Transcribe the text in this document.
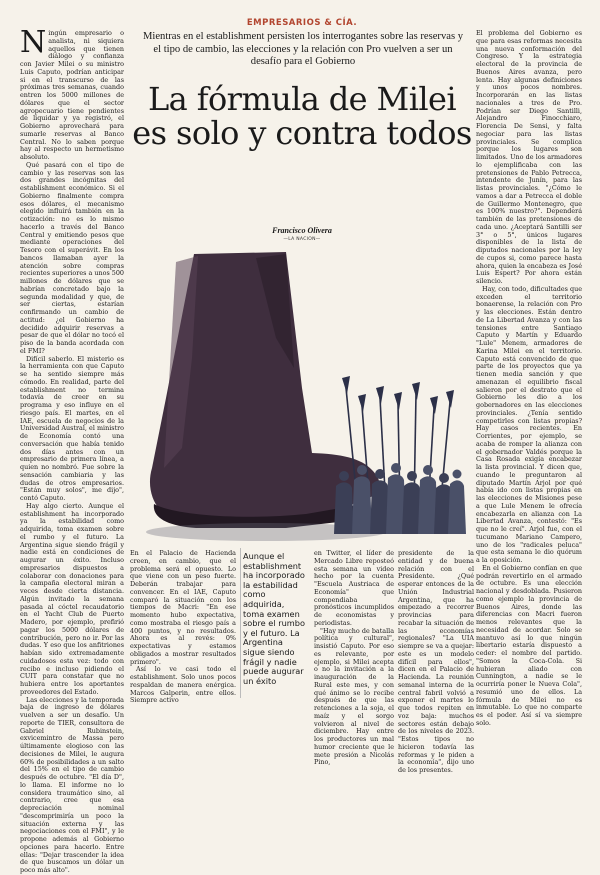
Ningún empresario o analista, ni siquiera aquellos que tienen diálogo y confianza con Javier Milei o su ministro Luis Caputo, podrían anticipar si en el transcurso de las próximas tres semanas, cuando entren los 5000 millones de dólares que el sector agropecuario tiene pendientes de liquidar y ya registró, el Gobierno aprovechará para sumarle reservas al Banco Central. No lo saben porque hay al respecto un hermetismo absoluto.

Qué pasará con el tipo de cambio y las reservas son las dos grandes incógnitas del establishment económico. Si el Gobierno finalmente compra esos dólares, el mecanismo elegido influirá también en la cotización: no es lo mismo hacerlo a través del Banco Central y emitiendo pesos que mediante operaciones del Tesoro con el superávit. En los bancos llamaban ayer la atención sobre compras recientes superiores a unos 500 millones de dólares que se habrían concretado bajo la segunda modalidad y que, de ser ciertas, estarían confirmando un cambio de actitud: ¿el Gobierno ha decidido adquirir reservas a pesar de que el dólar no tocó el piso de la banda acordada con el FMI?

Difícil saberlo. El misterio es la herramienta con que Caputo se ha sentido siempre más cómodo. En realidad, parte del establishment no termina todavía de creer en su programa y eso influye en el riesgo país. El martes, en el IAE, escuela de negocios de la Universidad Austral, el ministro de Economía contó una conversación que había tenido dos días antes con un empresario de primera línea, a quien no nombró. Fue sobre la sensación cambiaria y las dudas de otros empresarios. "Están muy solos", me dijo", contó Caputo.

Hay algo cierto. Aunque el establishment ha incorporado ya la estabilidad como adquirida, toma examen sobre el rumbo y el futuro. La Argentina sigue siendo frágil y nadie está en condiciones de augurar un éxito. Incluso empresarios dispuestos a colaborar con donaciones para la campaña electoral miran a veces desde cierta distancia. Algún invitado la semana pasada al cóctel recaudatorio en el Yacht Club de Puerto Madero, por ejemplo, prefirió pagar los 5000 dólares de contribución, pero no ir. Por las dudas. Y eso que los anfitriones habían sido extremadamente cuidadosos esta vez: todo con recibo e incluso pidiendo el CUIT para constatar que no hubiera entre los aportantes proveedores del Estado.

Las elecciones y la temporada baja de ingreso de dólares vuelven a ser un desafío. Un reporte de TIER, consultora de Gabriel Rubinstein, exvicemintro de Massa pero últimamente elogioso con las decisiones de Milei, le augura 60% de posibilidades a un salto del 15% en el tipo de cambio después de octubre. "El día D", lo llama. El informe no lo considera traumático sino, al contrario, cree que esa depreciación nominal "descomprimiría un poco la situación externa y las negociaciones con el FMI", y le propone además al Gobierno opciones para hacerlo. Entre ellas: "Dejar trascender la idea de que buscamos un dólar un poco más alto".

EMPRESARIOS & CÍA.
Mientras en el establishment persisten los interrogantes sobre las reservas y el tipo de cambio, las elecciones y la relación con Pro vuelven a ser un desafío para el Gobierno
La fórmula de Milei es solo y contra todos
Francisco Olivera
—LA NACION—

En el Palacio de Hacienda creen, en cambio, que el problema será el opuesto. Lo que viene con un peso fuerte. Deberán trabajar para convencer. En el IAE, Caputo comparó la situación con los tiempos de Macri: "En ese momento hubo expectativa, como mostraba el riesgo país a 400 puntos, y no resultados. Ahora es al revés: 0% expectativas y estamos obligados a mostrar resultados primero".

Así lo ve casi todo el establishment. Solo unos pocos respaldan de manera enérgica. Marcos Galperin, entre ellos. Siempre activo

Aunque el establishment ha incorporado la estabilidad como adquirida, toma examen sobre el rumbo y el futuro. La Argentina sigue siendo frágil y nadie puede augurar un éxito

en Twitter, el líder de Mercado Libre reposteó esta semana un video hecho por la cuenta "Escuela Austriaca de Economía" que compendiaba pronósticos incumplidos de economistas y periodistas.

"Hay mucho de batalla política y cultural", insistió Caputo. Por eso es relevante, por ejemplo, si Milei acepta o no la invitación a la inauguración de la Rural este mes, y con qué ánimo se lo recibe después de que las retenciones a la soja, el maíz y el sorgo volvieron al nivel de diciembre. Hay entre los productores un mal humor creciente que le mete presión a Nicolás Pino,

presidente de la entidad y de buena relación con el Presidente. ¿Qué esperar entonces de la Unión Industrial Argentina, que ha empezado a recorrer provincias para recabar la situación de las economías regionales? "La UIA siempre se va a quejar: este es un modelo difícil para ellos", dicen en el Palacio de Hacienda. La reunión semanal interna de la central fabril volvió a exponer el martes lo que todos repiten en voz baja: muchos sectores están debajo de los niveles de 2023. "Estos tipos no hicieron todavía las reformas y le piden a la economía", dijo uno de los presentes.

El problema del Gobierno es que para esas reformas necesita una nueva conformación del Congreso. Y la estrategia electoral de la provincia de Buenos Aires avanza, pero lenta. Hay algunas definiciones y unos pocos nombres. Incorporarán en las listas nacionales a tres de Pro. Podrían ser Diego Santilli, Alejandro Finocchiaro, Florencia De Sensi, y falta negociar para las listas provinciales. Se complica porque los lugares son limitados. Uno de los armadores lo ejemplificaba con las pretensiones de Pablo Petrecca, intendente de Junín, para las listas provinciales. "¿Cómo le vamos a dar a Petrecca el doble de Guillermo Montenegro, que es 100% nuestro?". Dependerá también de las pretensiones de cada uno. ¿Aceptará Santilli ser 3° o 5°, únicos lugares disponibles de la lista de diputados nacionales por la ley de cupos si, como parece hasta ahora, quien la encabeza es José Luis Espert? Por ahora están silencio.

Hay, con todo, dificultades que exceden el territorio bonaerense, la relación con Pro y las elecciones. Están dentro de La Libertad Avanza y con las tensiones entre Santiago Caputo y Martín y Eduardo "Lule" Menem, armadores de Karina Milei en el territorio. Caputo está convencido de que parte de los proyectos que ya tienen media sanción y que amenazan el equilibrio fiscal salieron por el destrato que el Gobierno les dio a los gobernadores en las elecciones provinciales. ¿Tenía sentido competirles con listas propias? Hay casos recientes. En Corrientes, por ejemplo, se acaba de romper la alianza con el gobernador Valdés porque la Casa Rosada exigía encabezar la lista provincial. Y dicen que, cuando le preguntaron al diputado Martín Arjol por qué había ido con listas propias en las elecciones de Misiones pese a que Lule Menem le ofrecía encabezarla en alianza con La Libertad Avanza, contestó: "Es que no le creí". Arjol fue, con el tucumano Mariano Campero, uno de los "radicales peluca" que esta semana le dio quórum a la oposición.

En el Gobierno confían en que podrán revertirlo en el armado de octubre. Es una elección nacional y desdoblada. Pusieron como ejemplo la provincia de Buenos Aires, donde las diferencias con Macri fueron menos relevantes que la necesidad de acordar. Solo se mantuvo así lo que ningún libertario estaría dispuesto a ceder: el nombre del partido. "Somos la Coca-Cola. Si hubieran aliado con Cunnington, a nadie se le ocurriría poner le Nueva Cola", resumió uno de ellos. La fórmula de Milei no es inmutable. Lo que no comparte es el poder. Así sí va siempre solo.
